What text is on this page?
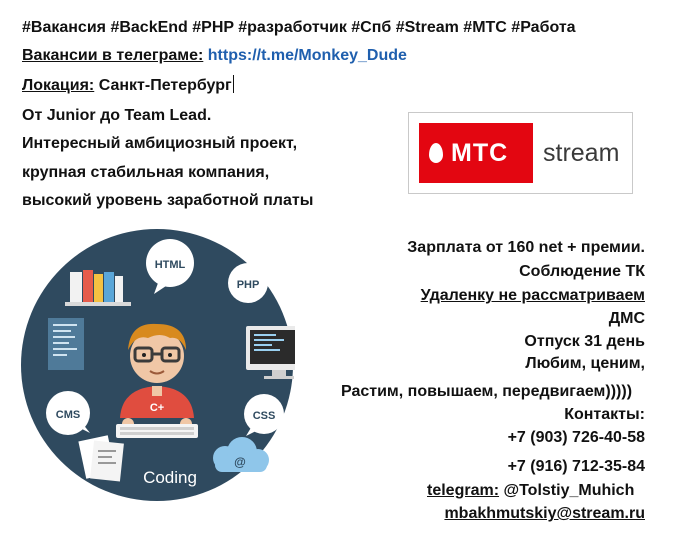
#Вакансия #BackEnd #PHP #разработчик #Спб #Stream #МТС #Работа
Вакансии в телеграме: https://t.me/Monkey_Dude
Локация: Санкт-Петербург
От Junior до Team Lead.
Интересный амбициозный проект,
крупная стабильная компания,
высокий уровень заработной платы
МТС stream
HTML
PHP
CMS	CSS
@
C+
Coding
Зарплата от 160 net + премии.
Соблюдение ТК
Удаленку не рассматриваем
ДМС
Отпуск 31 день
Любим, ценим,
Растим, повышаем, передвигаем)))))
Контакты:
+7 (903) 726-40-58
+7 (916) 712-35-84
telegram: @Tolstiy_Muhich
mbakhmutskiy@stream.ru
